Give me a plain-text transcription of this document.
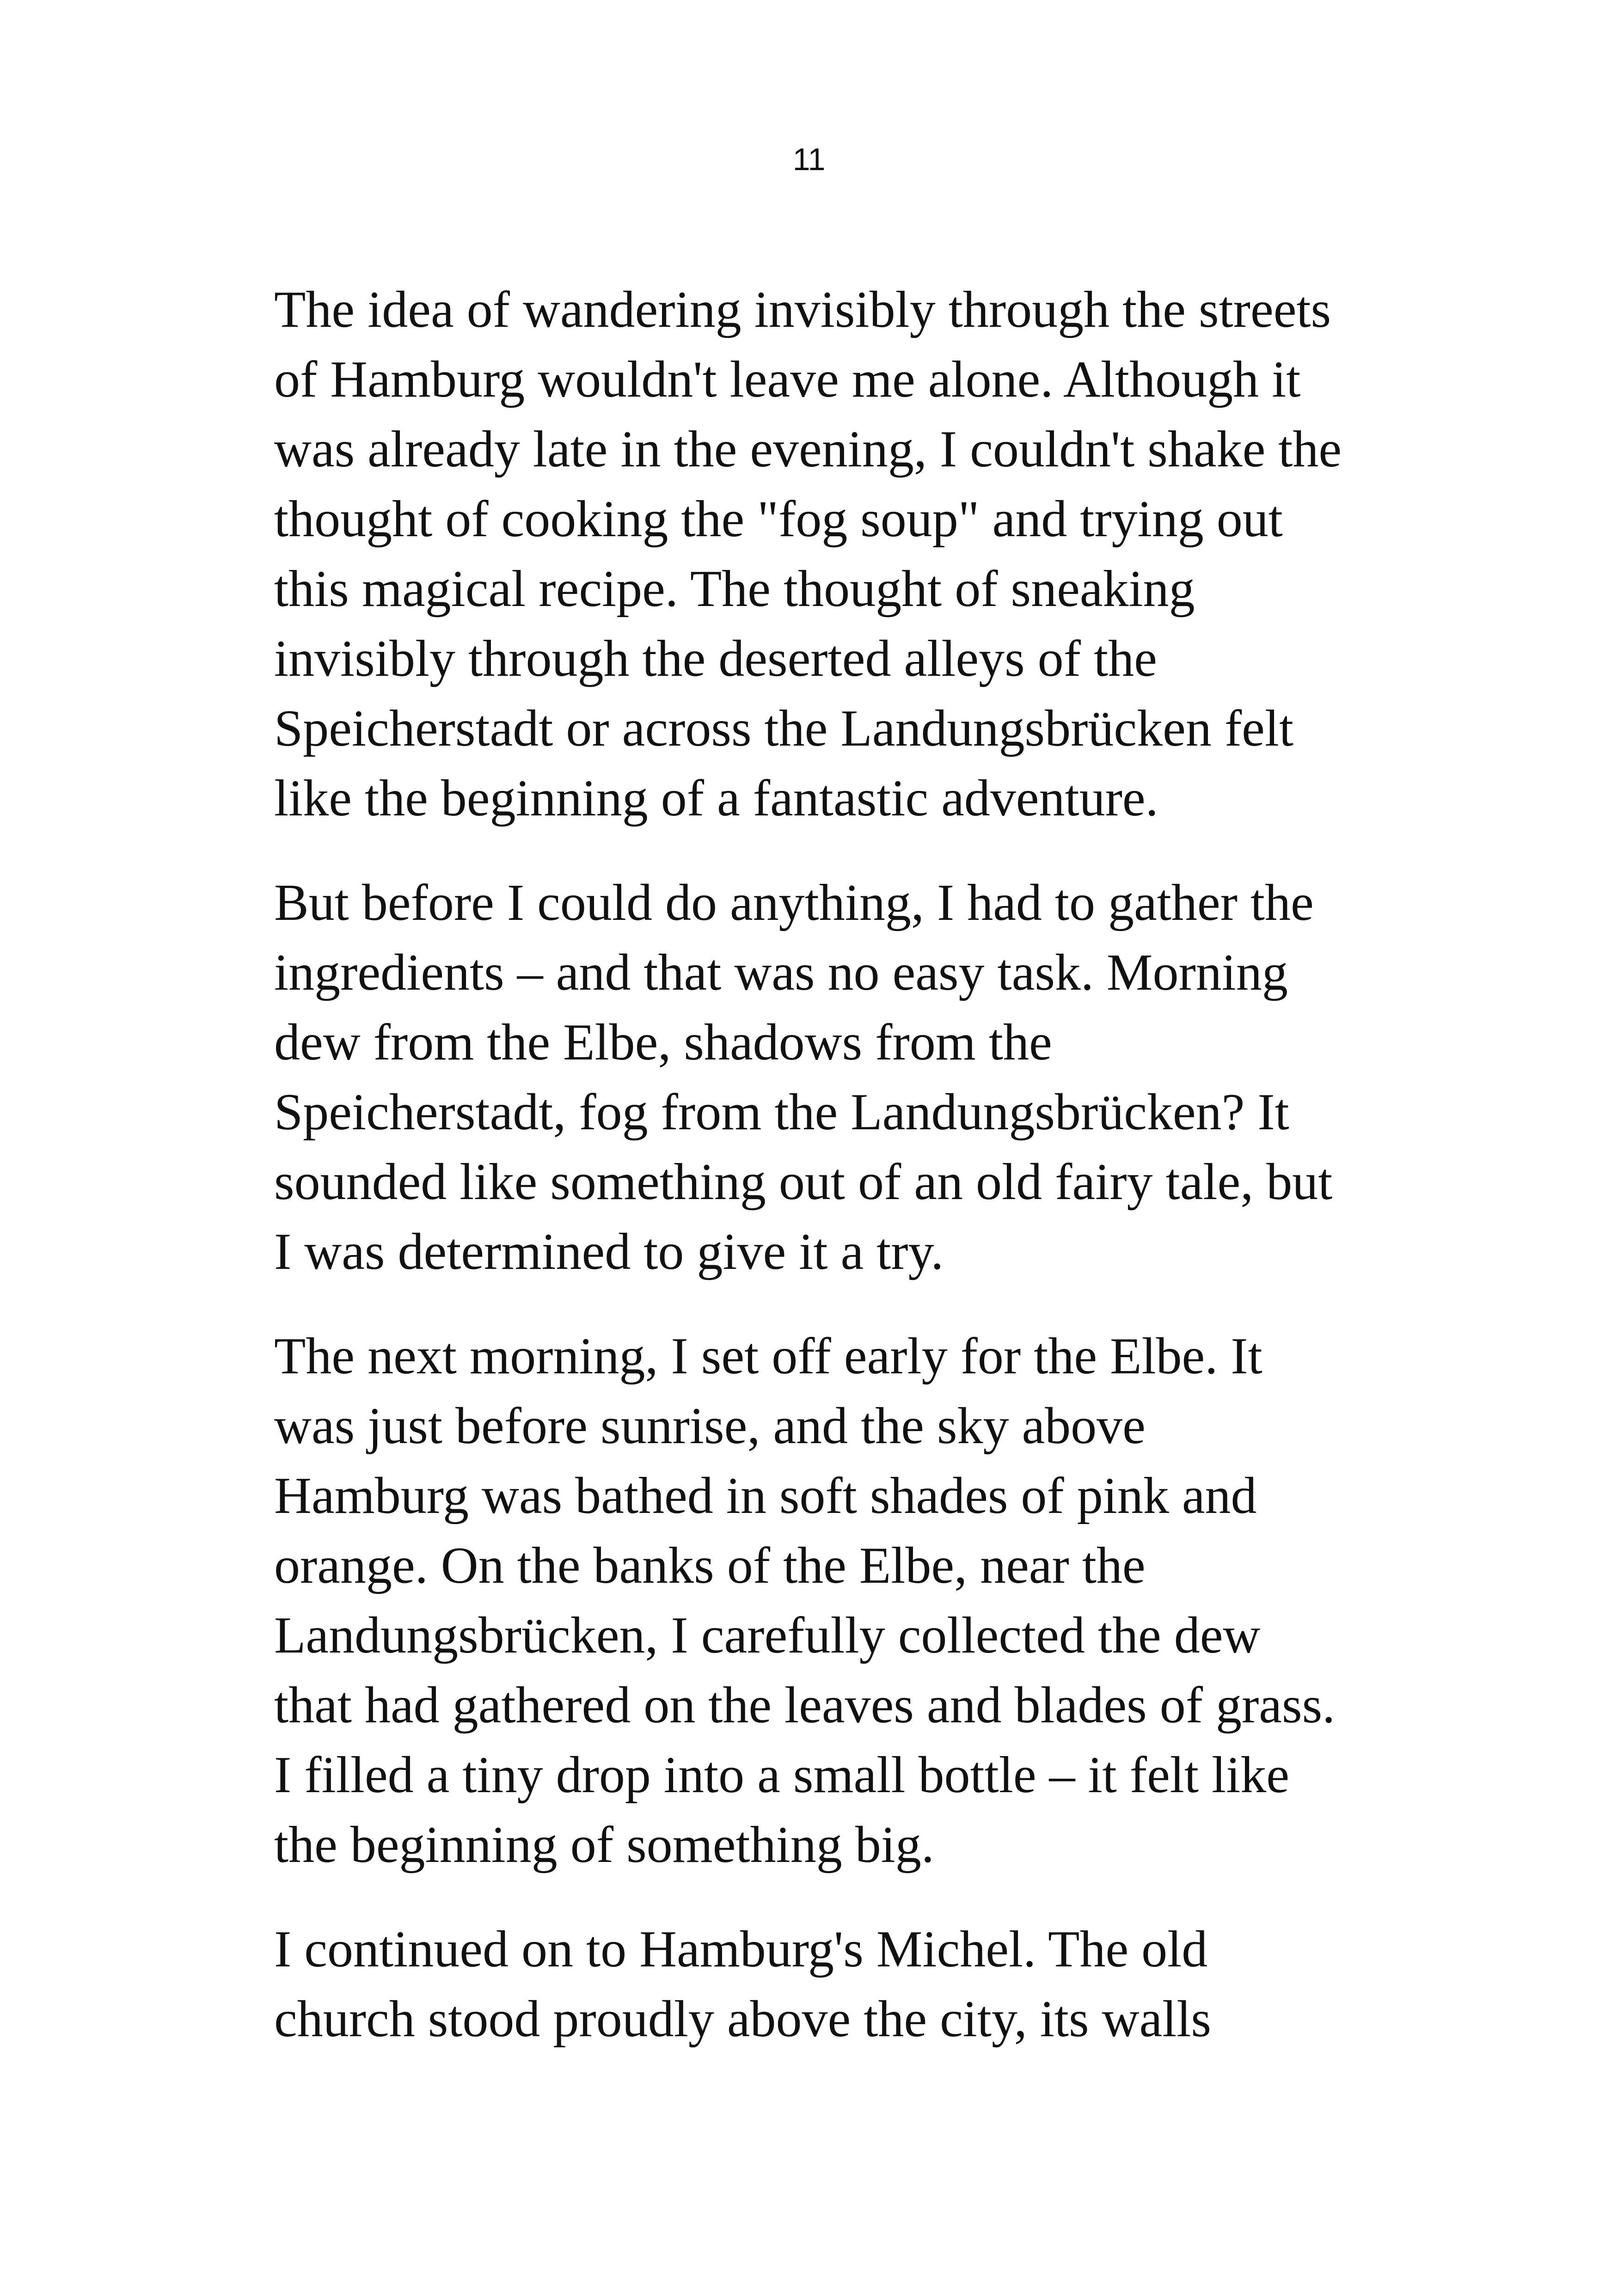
11
The idea of wandering invisibly through the streets
of Hamburg wouldn't leave me alone. Although it
was already late in the evening, I couldn't shake the
thought of cooking the "fog soup" and trying out
this magical recipe. The thought of sneaking
invisibly through the deserted alleys of the
Speicherstadt or across the Landungsbrücken felt
like the beginning of a fantastic adventure.
But before I could do anything, I had to gather the
ingredients – and that was no easy task. Morning
dew from the Elbe, shadows from the
Speicherstadt, fog from the Landungsbrücken? It
sounded like something out of an old fairy tale, but
I was determined to give it a try.
The next morning, I set off early for the Elbe. It
was just before sunrise, and the sky above
Hamburg was bathed in soft shades of pink and
orange. On the banks of the Elbe, near the
Landungsbrücken, I carefully collected the dew
that had gathered on the leaves and blades of grass.
I filled a tiny drop into a small bottle – it felt like
the beginning of something big.
I continued on to Hamburg's Michel. The old
church stood proudly above the city, its walls
